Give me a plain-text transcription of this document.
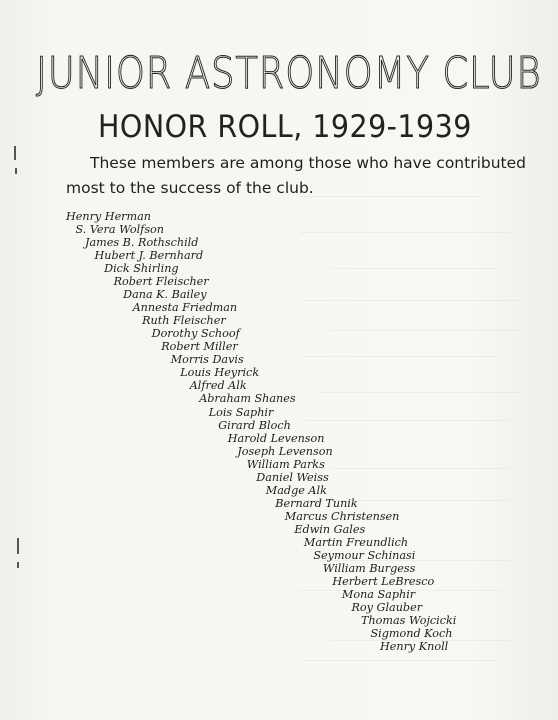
JUNIOR ASTRONOMY CLUB
HONOR ROLL, 1929-1939
These members are among those who have contributed
most to the success of the club.
Henry Herman
S. Vera Wolfson
James B. Rothschild
Hubert J. Bernhard
Dick Shirling
Robert Fleischer
Dana K. Bailey
Annesta Friedman
Ruth Fleischer
Dorothy Schoof
Robert Miller
Morris Davis
Louis Heyrick
Alfred Alk
Abraham Shanes
Lois Saphir
Girard Bloch
Harold Levenson
Joseph Levenson
William Parks
Daniel Weiss
Madge Alk
Bernard Tunik
Marcus Christensen
Edwin Gales
Martin Freundlich
Seymour Schinasi
William Burgess
Herbert LeBresco
Mona Saphir
Roy Glauber
Thomas Wojcicki
Sigmond Koch
Henry Knoll
